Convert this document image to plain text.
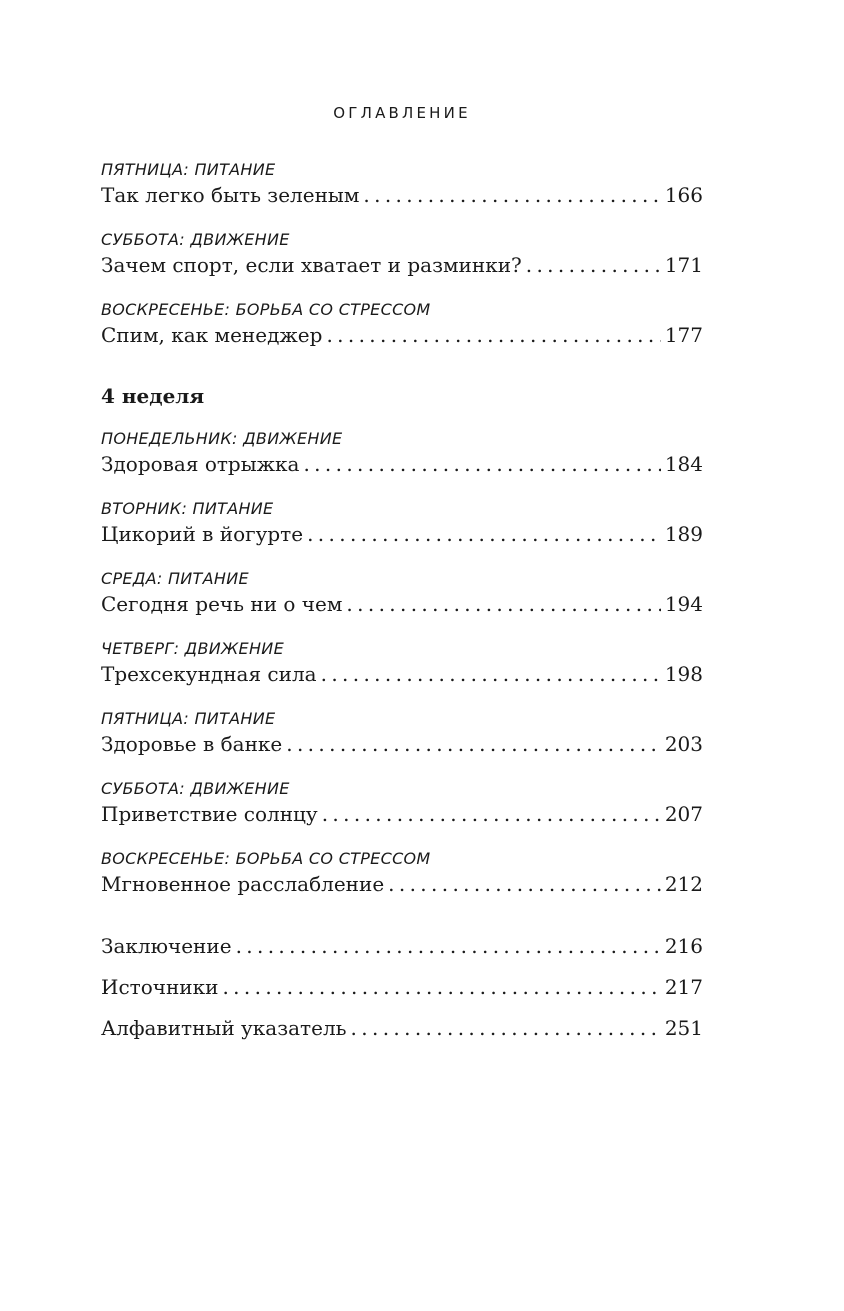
ОГЛАВЛЕНИЕ
ПЯТНИЦА: ПИТАНИЕ
Так легко быть зеленым . . .	166
СУББОТА: ДВИЖЕНИЕ
Зачем спорт, если хватает и разминки? . . .	171
ВОСКРЕСЕНЬЕ: БОРЬБА СО СТРЕССОМ
Спим, как менеджер . . .	177
4 неделя
ПОНЕДЕЛЬНИК: ДВИЖЕНИЕ
Здоровая отрыжка . . .	184
ВТОРНИК: ПИТАНИЕ
Цикорий в йогурте . . .	189
СРЕДА: ПИТАНИЕ
Сегодня речь ни о чем . . .	194
ЧЕТВЕРГ: ДВИЖЕНИЕ
Трехсекундная сила . . .	198
ПЯТНИЦА: ПИТАНИЕ
Здоровье в банке . . .	203
СУББОТА: ДВИЖЕНИЕ
Приветствие солнцу . . .	207
ВОСКРЕСЕНЬЕ: БОРЬБА СО СТРЕССОМ
Мгновенное расслабление . . .	212
Заключение . . .	216
Источники . . .	217
Алфавитный указатель . . .	251
